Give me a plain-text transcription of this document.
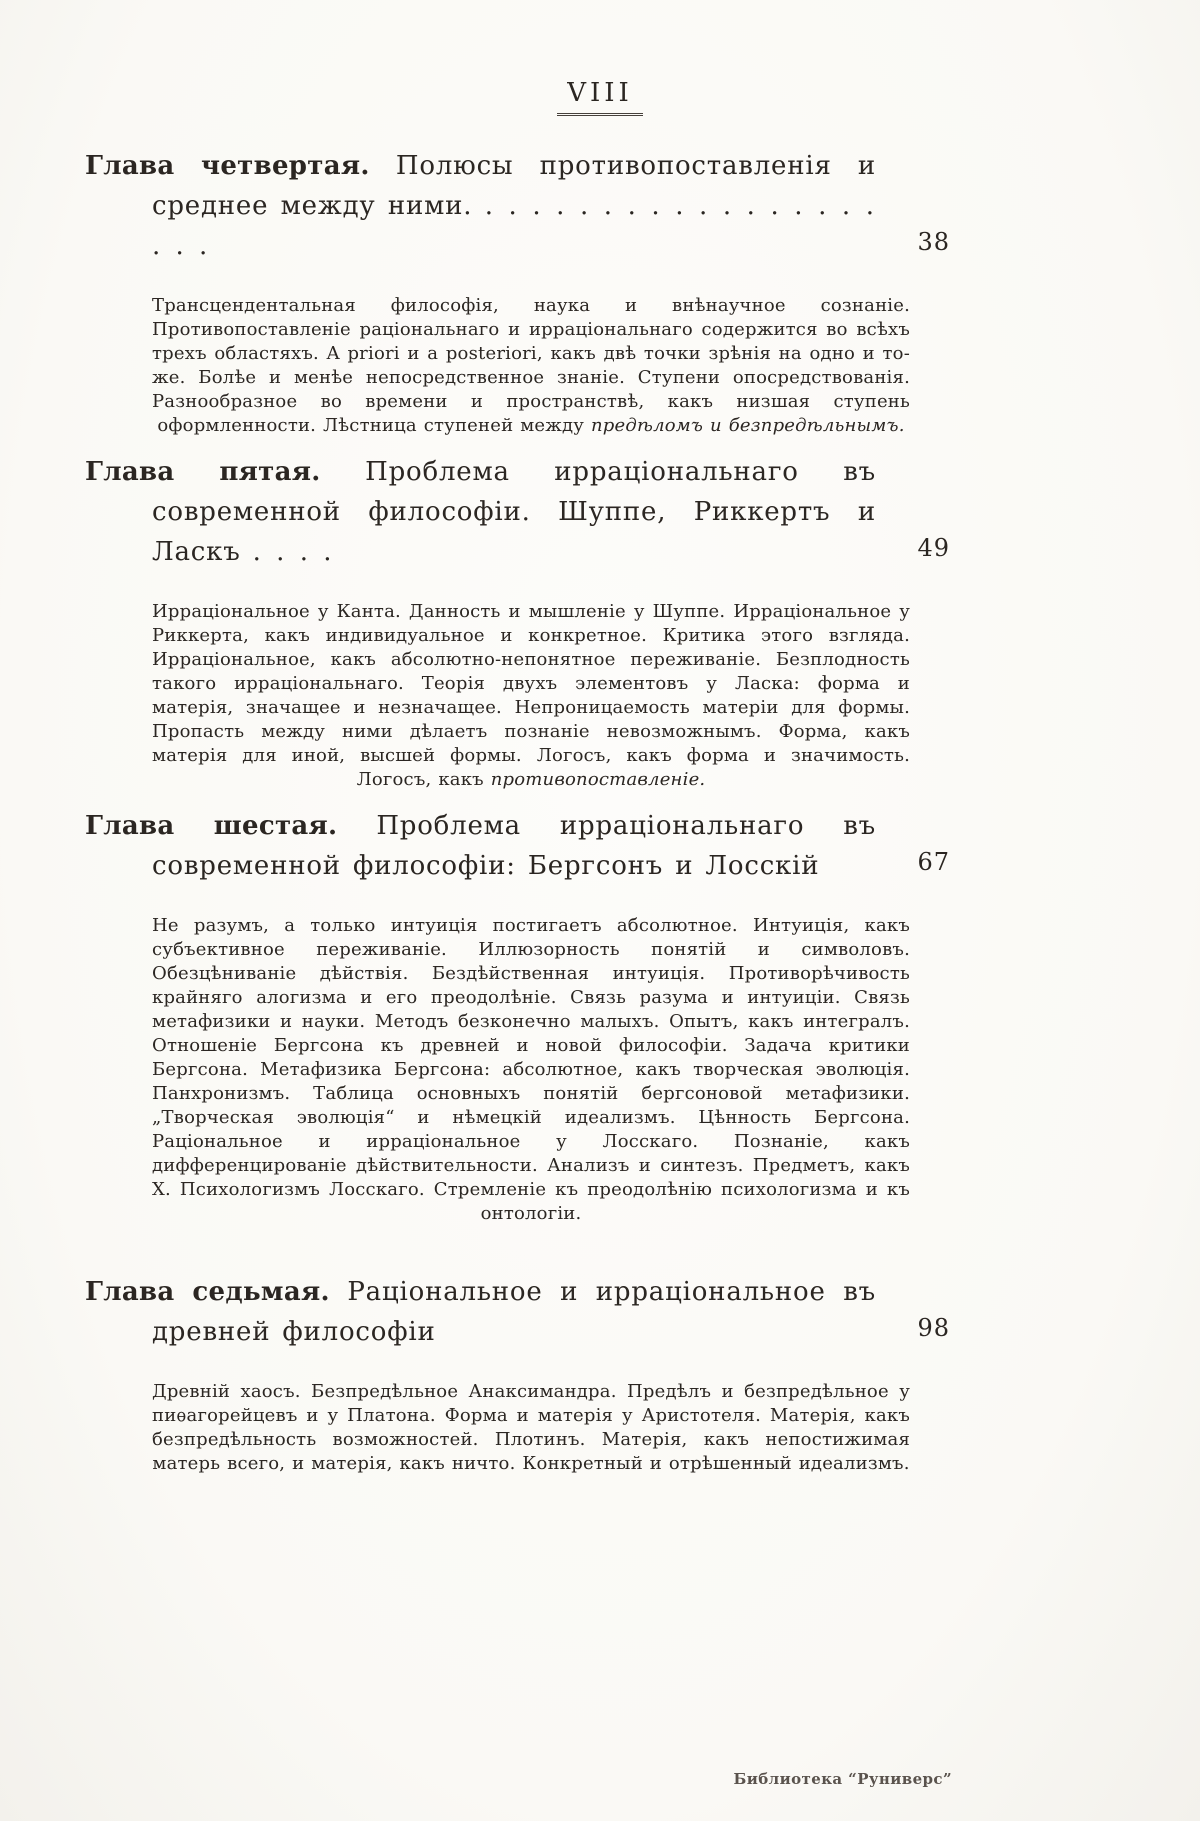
VIII

Глава четвертая. Полюсы противопоставленія и среднее между ними. . . . . . . . . . . . . . . . . . . . .	38

Трансцендентальная философія, наука и внѣнаучное сознаніе. Противопоставленіе раціональнаго и ирраціональнаго содержится во всѣхъ трехъ областяхъ. A priori и a posteriori, какъ двѣ точки зрѣнія на одно и то-же. Болѣе и менѣе непосредственное знаніе. Ступени опосредствованія. Разнообразное во времени и пространствѣ, какъ низшая ступень оформленности. Лѣстница ступеней между предѣломъ и безпредѣльнымъ.

Глава пятая. Проблема ирраціональнаго въ современной философіи. Шуппе, Риккертъ и Ласкъ . . . .	49

Ирраціональное у Канта. Данность и мышленіе у Шуппе. Ирраціональное у Риккерта, какъ индивидуальное и конкретное. Критика этого взгляда. Ирраціональное, какъ абсолютно-непонятное переживаніе. Безплодность такого ирраціональнаго. Теорія двухъ элементовъ у Ласка: форма и матерія, значащее и незначащее. Непроницаемость матеріи для формы. Пропасть между ними дѣлаетъ познаніе невозможнымъ. Форма, какъ матерія для иной, высшей формы. Логосъ, какъ форма и значимость. Логосъ, какъ противопоставленіе.

Глава шестая. Проблема ирраціональнаго въ современной философіи: Бергсонъ и Лосскій	67

Не разумъ, а только интуиція постигаетъ абсолютное. Интуиція, какъ субъективное переживаніе. Иллюзорность понятій и символовъ. Обезцѣниваніе дѣйствія. Бездѣйственная интуиція. Противорѣчивость крайняго алогизма и его преодолѣніе. Связь разума и интуиціи. Связь метафизики и науки. Методъ безконечно малыхъ. Опытъ, какъ интегралъ. Отношеніе Бергсона къ древней и новой философіи. Задача критики Бергсона. Метафизика Бергсона: абсолютное, какъ творческая эволюція. Панхронизмъ. Таблица основныхъ понятій бергсоновой метафизики. „Творческая эволюція“ и нѣмецкій идеализмъ. Цѣнность Бергсона. Раціональное и ирраціональное у Лосскаго. Познаніе, какъ дифференцированіе дѣйствительности. Анализъ и синтезъ. Предметъ, какъ X. Психологизмъ Лосскаго. Стремленіе къ преодолѣнію психологизма и къ онтологіи.

Глава седьмая. Раціональное и ирраціональное въ древней философіи	98

Древній хаосъ. Безпредѣльное Анаксимандра. Предѣлъ и безпредѣльное у пиѳагорейцевъ и у Платона. Форма и матерія у Аристотеля. Матерія, какъ безпредѣльность возможностей. Плотинъ. Матерія, какъ непостижимая матерь всего, и матерія, какъ ничто. Конкретный и отрѣшенный идеализмъ.

Библиотека “Руниверс”
